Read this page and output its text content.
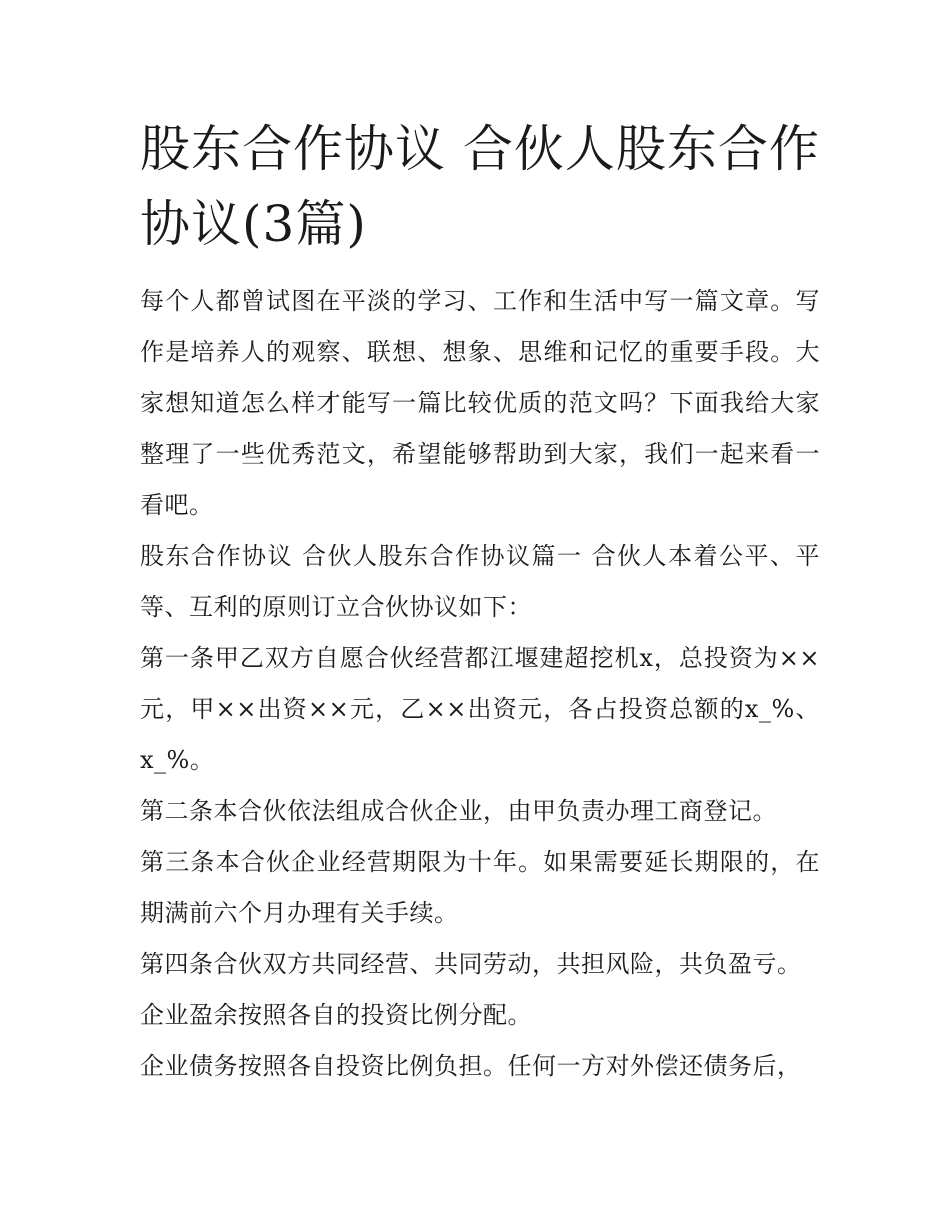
股东合作协议 合伙人股东合作协议(3篇)

每个人都曾试图在平淡的学习、工作和生活中写一篇文章。写作是培养人的观察、联想、想象、思维和记忆的重要手段。大家想知道怎么样才能写一篇比较优质的范文吗？下面我给大家整理了一些优秀范文，希望能够帮助到大家，我们一起来看一看吧。

股东合作协议 合伙人股东合作协议篇一 合伙人本着公平、平等、互利的原则订立合伙协议如下：

第一条甲乙双方自愿合伙经营都江堰建超挖机x，总投资为××元，甲××出资××元，乙××出资元，各占投资总额的x_%、x_%。

第二条本合伙依法组成合伙企业，由甲负责办理工商登记。

第三条本合伙企业经营期限为十年。如果需要延长期限的，在期满前六个月办理有关手续。

第四条合伙双方共同经营、共同劳动，共担风险，共负盈亏。

企业盈余按照各自的投资比例分配。

企业债务按照各自投资比例负担。任何一方对外偿还债务后，
